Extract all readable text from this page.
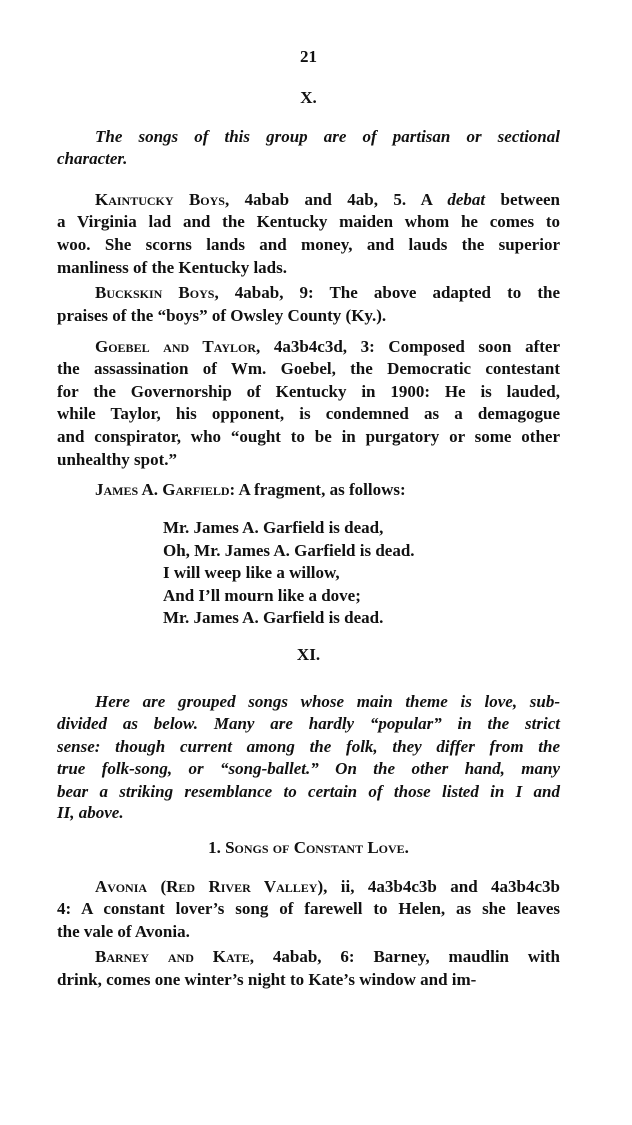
21
X.
The songs of this group are of partisan or sectional
character.
Kaintucky Boys, 4abab and 4ab, 5. A debat between
a Virginia lad and the Kentucky maiden whom he comes to
woo. She scorns lands and money, and lauds the superior
manliness of the Kentucky lads.
Buckskin Boys, 4abab, 9: The above adapted to the
praises of the “boys” of Owsley County (Ky.).
Goebel and Taylor, 4a3b4c3d, 3: Composed soon after
the assassination of Wm. Goebel, the Democratic contestant
for the Governorship of Kentucky in 1900: He is lauded,
while Taylor, his opponent, is condemned as a demagogue
and conspirator, who “ought to be in purgatory or some other
unhealthy spot.”
James A. Garfield: A fragment, as follows:
Mr. James A. Garfield is dead,
Oh, Mr. James A. Garfield is dead.
I will weep like a willow,
And I’ll mourn like a dove;
Mr. James A. Garfield is dead.
XI.
Here are grouped songs whose main theme is love, sub-
divided as below. Many are hardly “popular” in the strict
sense: though current among the folk, they differ from the
true folk-song, or “song-ballet.” On the other hand, many
bear a striking resemblance to certain of those listed in I and
II, above.
1. Songs of Constant Love.
Avonia (Red River Valley), ii, 4a3b4c3b and 4a3b4c3b
4: A constant lover’s song of farewell to Helen, as she leaves
the vale of Avonia.
Barney and Kate, 4abab, 6: Barney, maudlin with
drink, comes one winter’s night to Kate’s window and im-
